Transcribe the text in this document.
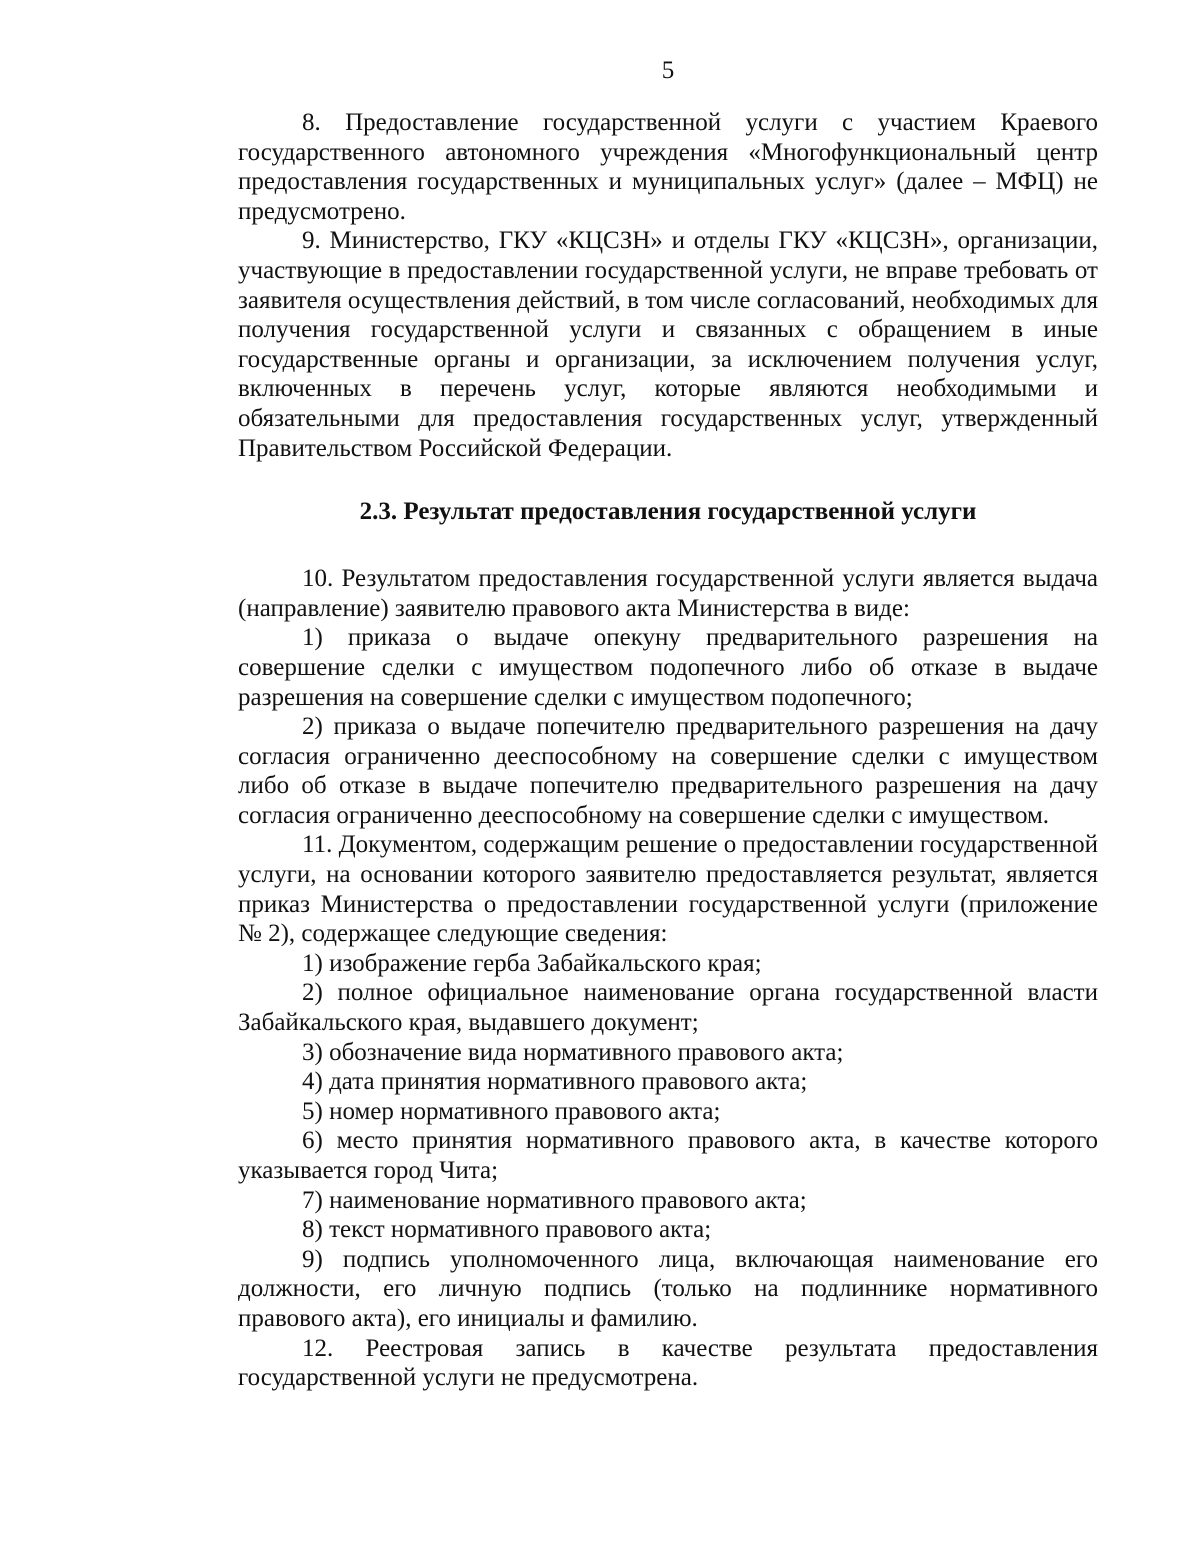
5

8. Предоставление государственной услуги с участием Краевого государственного автономного учреждения «Многофункциональный центр предоставления государственных и муниципальных услуг» (далее – МФЦ) не предусмотрено.

9. Министерство, ГКУ «КЦСЗН» и отделы ГКУ «КЦСЗН», организации, участвующие в предоставлении государственной услуги, не вправе требовать от заявителя осуществления действий, в том числе согласований, необходимых для получения государственной услуги и связанных с обращением в иные государственные органы и организации, за исключением получения услуг, включенных в перечень услуг, которые являются необходимыми и обязательными для предоставления государственных услуг, утвержденный Правительством Российской Федерации.

2.3. Результат предоставления государственной услуги

10. Результатом предоставления государственной услуги является выдача (направление) заявителю правового акта Министерства в виде:

1) приказа о выдаче опекуну предварительного разрешения на совершение сделки с имуществом подопечного либо об отказе в выдаче разрешения на совершение сделки с имуществом подопечного;

2) приказа о выдаче попечителю предварительного разрешения на дачу согласия ограниченно дееспособному на совершение сделки с имуществом либо об отказе в выдаче попечителю предварительного разрешения на дачу согласия ограниченно дееспособному на совершение сделки с имуществом.

11. Документом, содержащим решение о предоставлении государственной услуги, на основании которого заявителю предоставляется результат, является приказ Министерства о предоставлении государственной услуги (приложение № 2), содержащее следующие сведения:

1) изображение герба Забайкальского края;

2) полное официальное наименование органа государственной власти Забайкальского края, выдавшего документ;

3) обозначение вида нормативного правового акта;

4) дата принятия нормативного правового акта;

5) номер нормативного правового акта;

6) место принятия нормативного правового акта, в качестве которого указывается город Чита;

7) наименование нормативного правового акта;

8) текст нормативного правового акта;

9) подпись уполномоченного лица, включающая наименование его должности, его личную подпись (только на подлиннике нормативного правового акта), его инициалы и фамилию.

12. Реестровая запись в качестве результата предоставления государственной услуги не предусмотрена.
